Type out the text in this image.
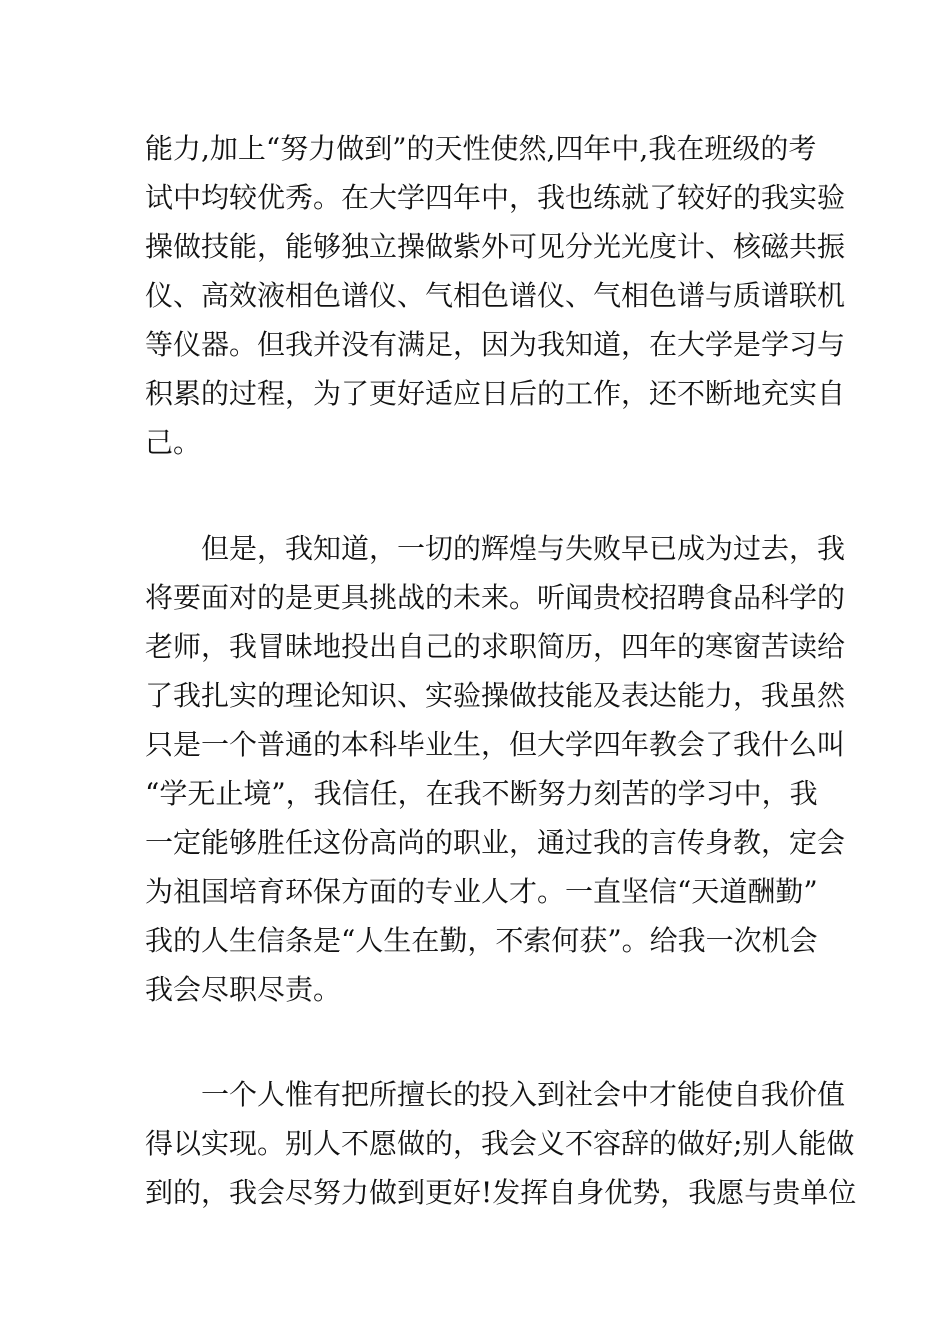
能力,加上“努力做到”的天性使然,四年中,我在班级的考
试中均较优秀。在大学四年中，我也练就了较好的我实验
操做技能，能够独立操做紫外可见分光光度计、核磁共振
仪、高效液相色谱仪、气相色谱仪、气相色谱与质谱联机
等仪器。但我并没有满足，因为我知道，在大学是学习与
积累的过程，为了更好适应日后的工作，还不断地充实自
己。
但是，我知道，一切的辉煌与失败早已成为过去，我
将要面对的是更具挑战的未来。听闻贵校招聘食品科学的
老师，我冒昧地投出自己的求职简历，四年的寒窗苦读给
了我扎实的理论知识、实验操做技能及表达能力，我虽然
只是一个普通的本科毕业生，但大学四年教会了我什么叫
“学无止境”，我信任，在我不断努力刻苦的学习中，我
一定能够胜任这份高尚的职业，通过我的言传身教，定会
为祖国培育环保方面的专业人才。一直坚信“天道酬勤”
我的人生信条是“人生在勤，不索何获”。给我一次机会
我会尽职尽责。
一个人惟有把所擅长的投入到社会中才能使自我价值
得以实现。别人不愿做的，我会义不容辞的做好;别人能做
到的，我会尽努力做到更好!发挥自身优势，我愿与贵单位
